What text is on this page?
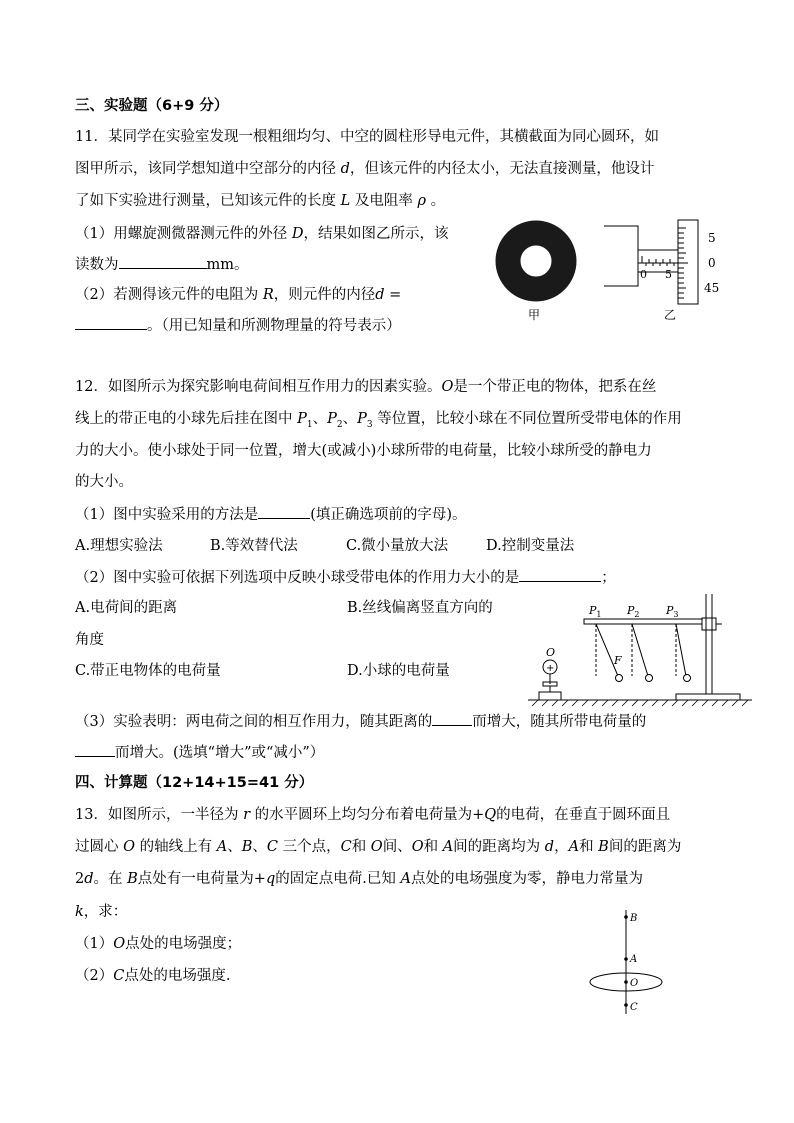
三、实验题（6+9 分）
11．某同学在实验室发现一根粗细均匀、中空的圆柱形导电元件，其横截面为同心圆环，如
图甲所示，该同学想知道中空部分的内径 d，但该元件的内径太小，无法直接测量，他设计
了如下实验进行测量，已知该元件的长度 L 及电阻率 ρ 。
（1）用螺旋测微器测元件的外径 D，结果如图乙所示，该
读数为	mm。
（2）若测得该元件的电阻为 R，则元件的内径d =
。（用已知量和所测物理量的符号表示）
甲
5
0
45
0 5
乙
12．如图所示为探究影响电荷间相互作用力的因素实验。O是一个带正电的物体，把系在丝
线上的带正电的小球先后挂在图中 $P_1$、$P_2$、$P_3$ 等位置，比较小球在不同位置所受带电体的作用
力的大小。使小球处于同一位置，增大(或减小)小球所带的电荷量，比较小球所受的静电力
的大小。
（1）图中实验采用的方法是	(填正确选项前的字母)。
A.理想实验法	B.等效替代法	C.微小量放大法	D.控制变量法
（2）图中实验可依据下列选项中反映小球受带电体的作用力大小的是	；
A.电荷间的距离	B.丝线偏离竖直方向的
角度
C.带正电物体的电荷量	D.小球的电荷量
（3）实验表明：两电荷之间的相互作用力，随其距离的	而增大，随其所带电荷量的
而增大。(选填“增大”或“减小”）
+
O
F
$P_1$ $P_2$ $P_3$
四、计算题（12+14+15=41 分）
13．如图所示，一半径为 r 的水平圆环上均匀分布着电荷量为+Q的电荷，在垂直于圆环面且
过圆心 O 的轴线上有 A、B、C 三个点，C和 O间、O和 A间的距离均为 d，A和 B间的距离为
2d。在 B点处有一电荷量为+q的固定点电荷.已知 A点处的电场强度为零，静电力常量为
k，求：
（1）O点处的电场强度；
（2）C点处的电场强度.
B
A
O
C
